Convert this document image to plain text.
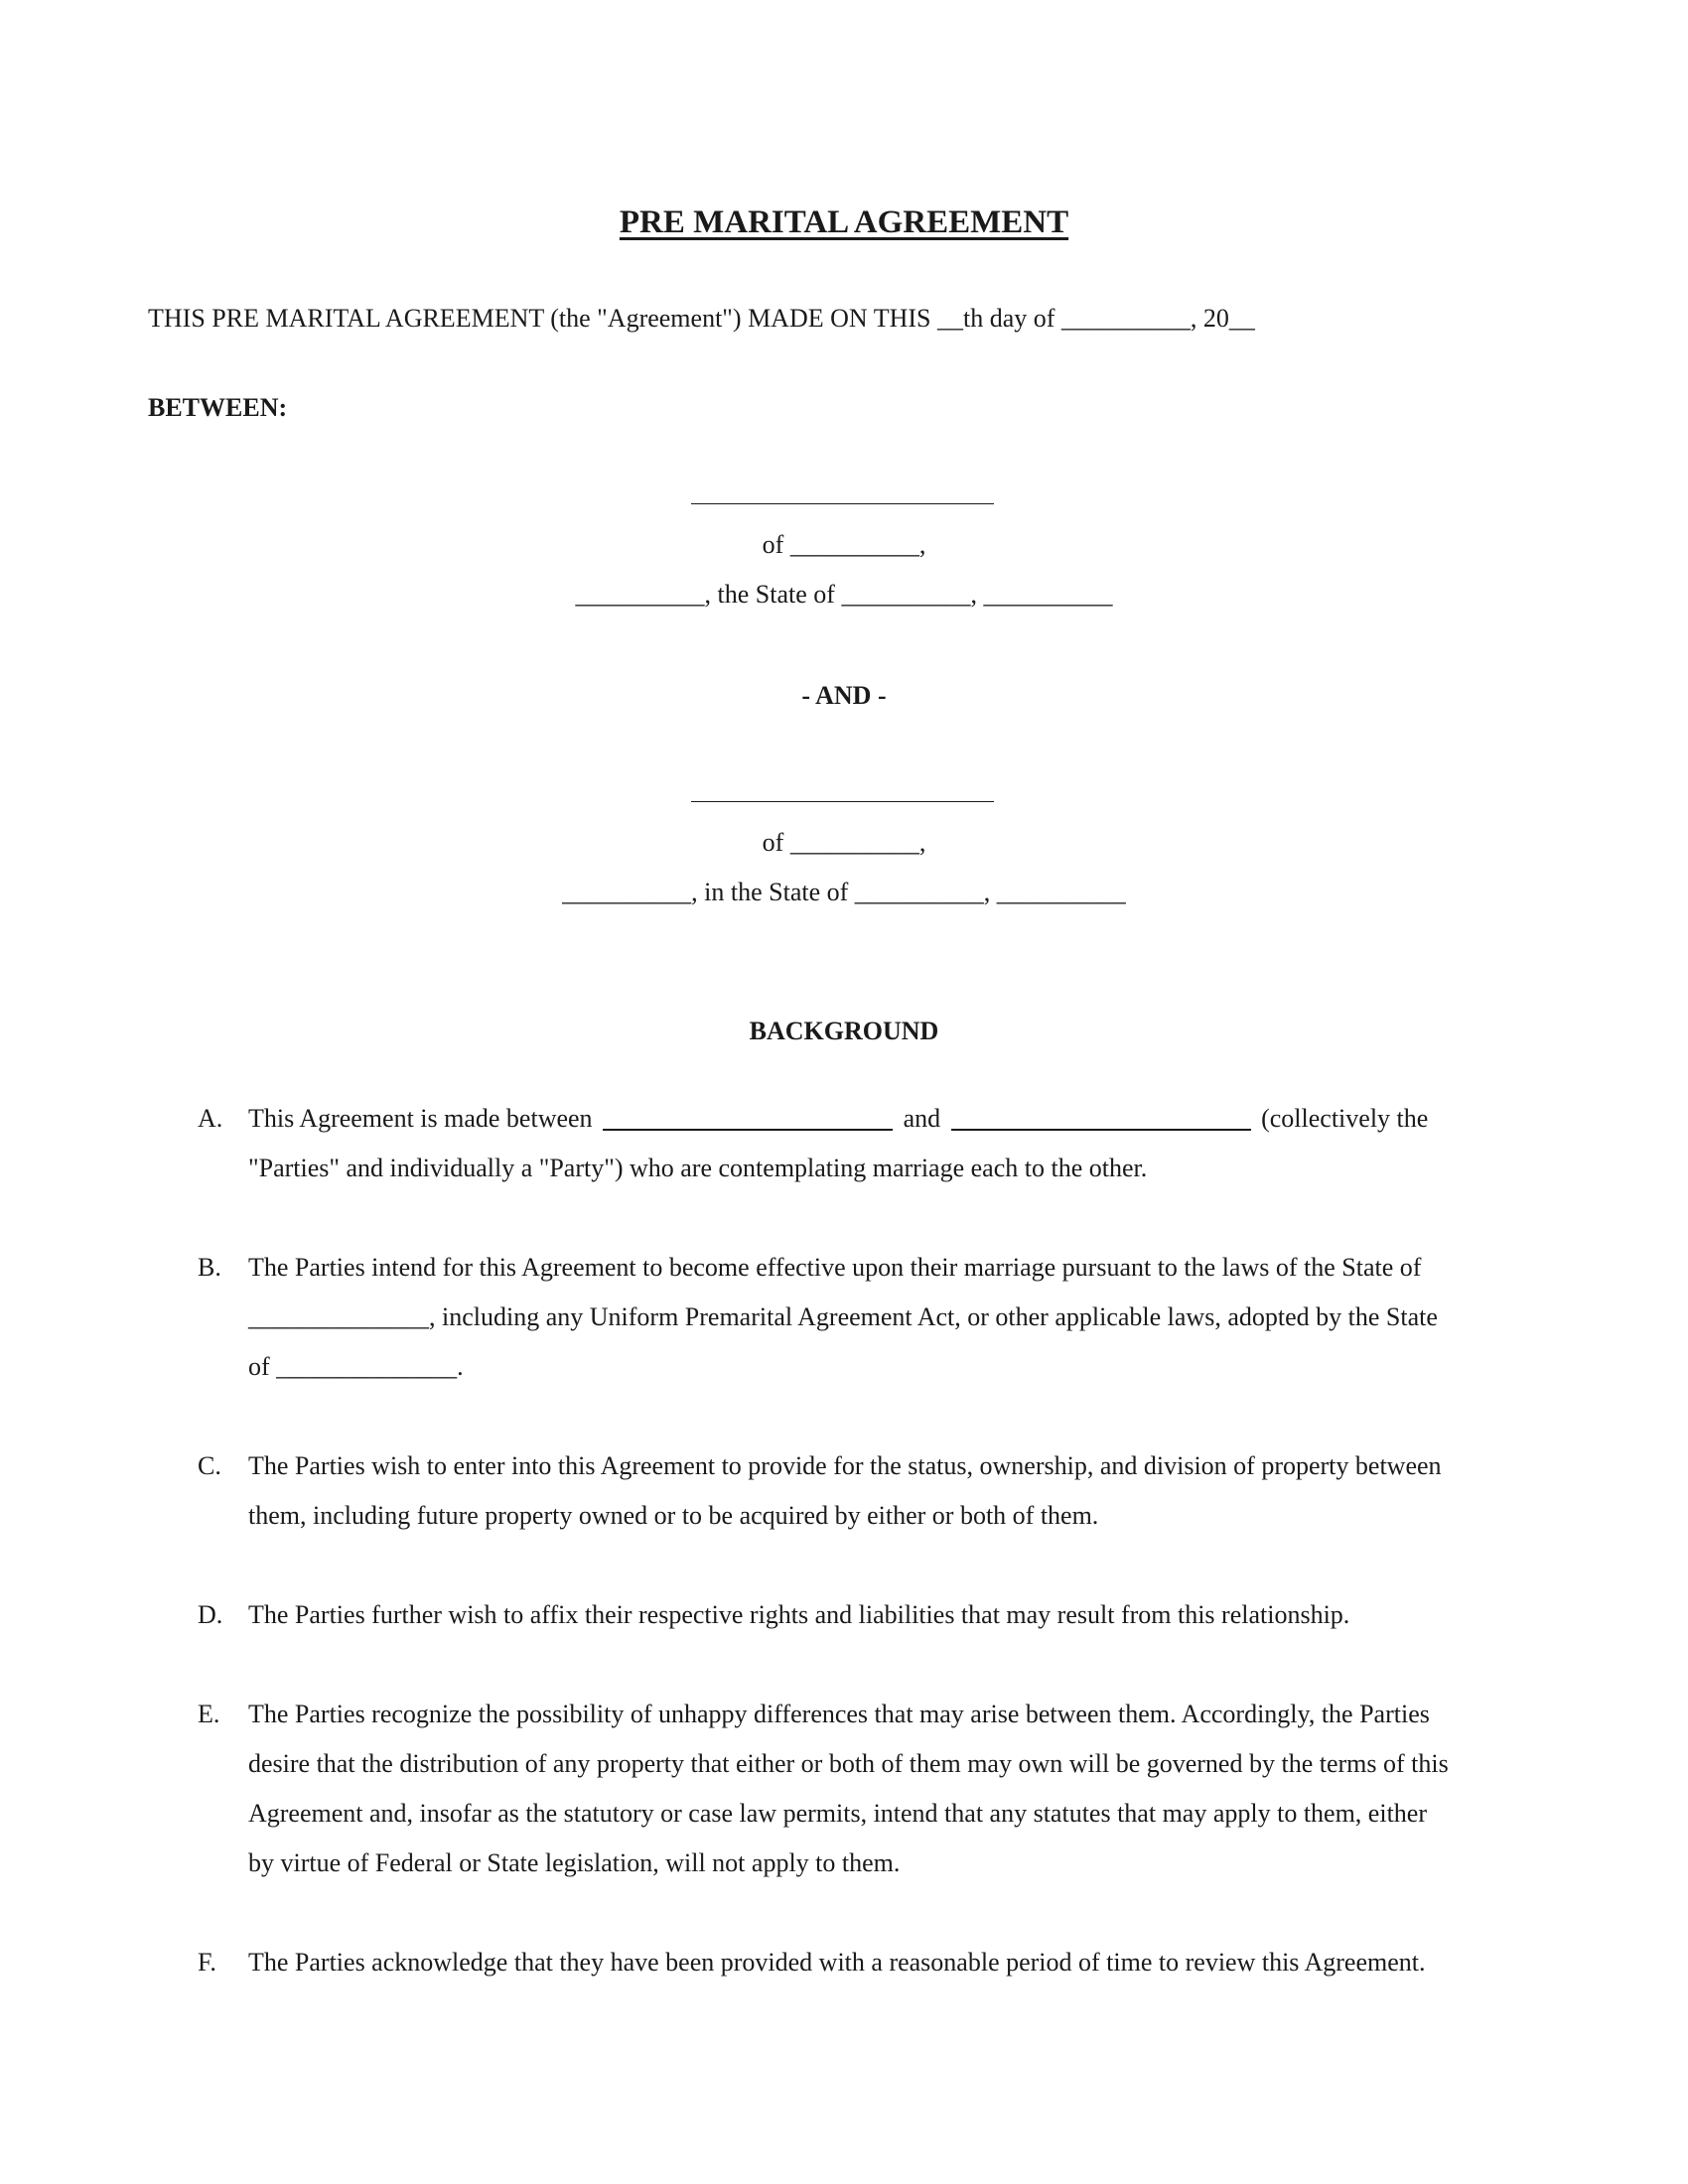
PRE MARITAL AGREEMENT
THIS PRE MARITAL AGREEMENT (the "Agreement") MADE ON THIS __th day of __________, 20__
BETWEEN:
of __________,
__________, the State of __________, __________
- AND -
of __________,
__________, in the State of __________, __________
BACKGROUND
A. This Agreement is made between	and	(collectively the
"Parties" and individually a "Party") who are contemplating marriage each to the other.
B. The Parties intend for this Agreement to become effective upon their marriage pursuant to the laws of the State of
______________, including any Uniform Premarital Agreement Act, or other applicable laws, adopted by the State
of ______________.
C. The Parties wish to enter into this Agreement to provide for the status, ownership, and division of property between
them, including future property owned or to be acquired by either or both of them.
D. The Parties further wish to affix their respective rights and liabilities that may result from this relationship.
E. The Parties recognize the possibility of unhappy differences that may arise between them. Accordingly, the Parties
desire that the distribution of any property that either or both of them may own will be governed by the terms of this
Agreement and, insofar as the statutory or case law permits, intend that any statutes that may apply to them, either
by virtue of Federal or State legislation, will not apply to them.
F. The Parties acknowledge that they have been provided with a reasonable period of time to review this Agreement.
